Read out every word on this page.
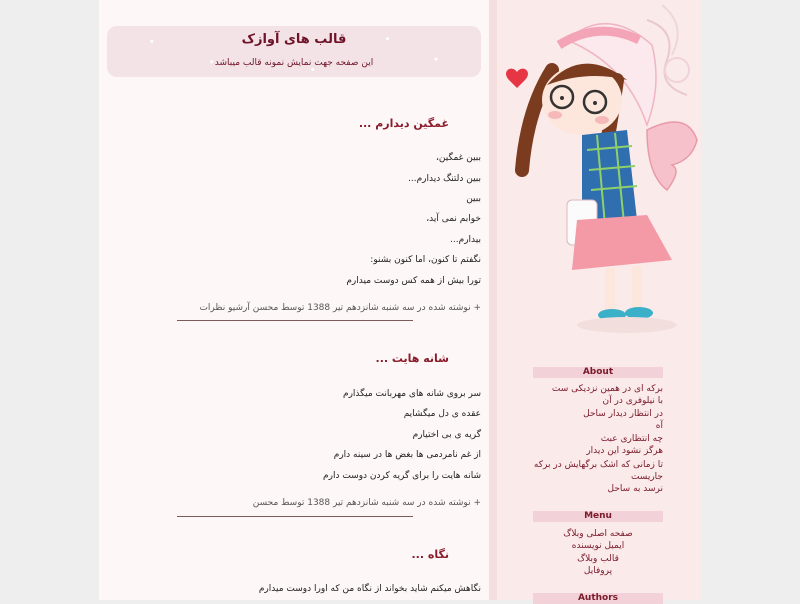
قالب های آوازک
این صفحه جهت نمایش نمونه قالب میباشد
غمگین دیدارم ...
ببین غمگین،
ببین دلتنگ دیدارم...
ببین
خوابم نمی آید،
بیدارم...
نگفتم تا کنون، اما کنون بشنو:
تورا بیش از همه کس دوست میدارم
+ نوشته شده در سه شنبه شانزدهم تیر 1388 توسط محسن آرشیو نظرات
شانه هایت ...
سر بروی شانه های مهربانت میگذارم
عقده ی دل میگشایم
گریه ی بی اختیارم
از غم نامردمی ها بغض ها در سینه دارم
شانه هایت را برای گریه کردن دوست دارم
+ نوشته شده در سه شنبه شانزدهم تیر 1388 توسط محسن
نگاه ...
نگاهش میکنم شاید بخواند از نگاه من که اورا دوست میدارم
About
برکه ای در همین نزدیکی ست
با نیلوفری در آن
در انتظار دیدار ساحل
آه
چه انتظاری عبث
هرگز نشود این دیدار
تا زمانی که اشک برگهایش در برکه جاریست
نرسد به ساحل
Menu
صفحه اصلی وبلاگ
ایمیل نویسنده
قالب وبلاگ
پروفایل
Authors
